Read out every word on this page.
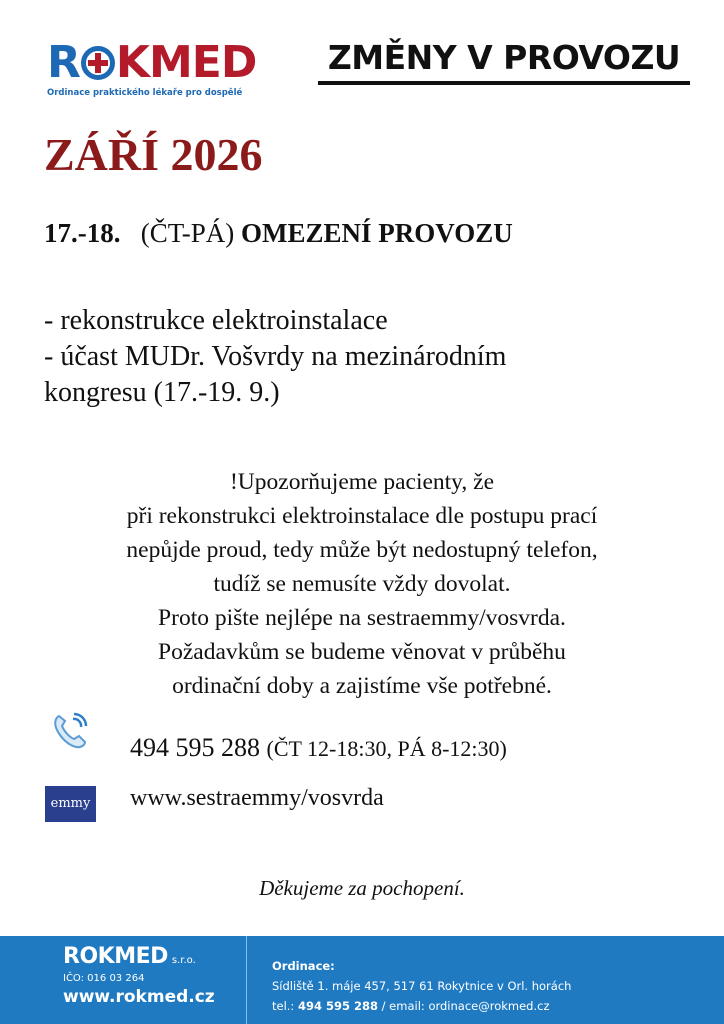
R KMED
Ordinace praktického lékaře pro dospělé
ZMĚNY V PROVOZU
ZÁŘÍ 2026
17.-18. (ČT-PÁ) OMEZENÍ PROVOZU
- rekonstrukce elektroinstalace
- účast MUDr. Vošvrdy na mezinárodním
kongresu (17.-19. 9.)
!Upozorňujeme pacienty, že
při rekonstrukci elektroinstalace dle postupu prací
nepůjde proud, tedy může být nedostupný telefon,
tudíž se nemusíte vždy dovolat.
Proto pište nejlépe na sestraemmy/vosvrda.
Požadavkům se budeme věnovat v průběhu
ordinační doby a zajistíme vše potřebné.
494 595 288 (ČT 12-18:30, PÁ 8-12:30)
emmy www.sestraemmy/vosvrda
Děkujeme za pochopení.
ROKMED s.r.o.
IČO: 016 03 264
www.rokmed.cz
Ordinace:
Sídliště 1. máje 457, 517 61 Rokytnice v Orl. horách
tel.: 494 595 288 / email: ordinace@rokmed.cz
